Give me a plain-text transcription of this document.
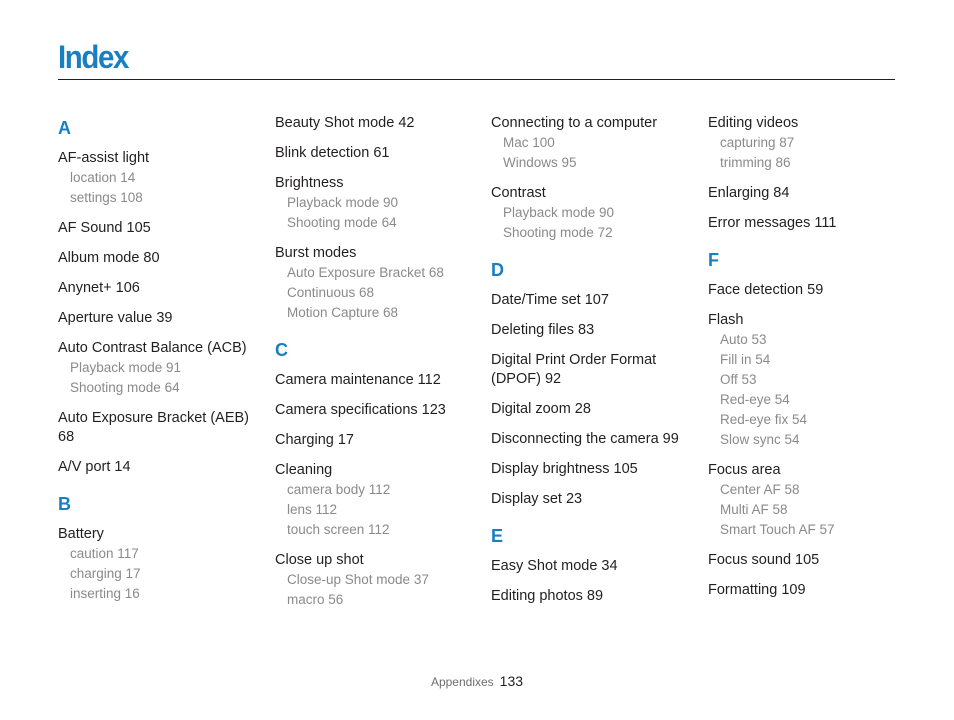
Index
A
AF-assist light
location 14
settings 108
AF Sound 105
Album mode 80
Anynet+ 106
Aperture value 39
Auto Contrast Balance (ACB)
Playback mode 91
Shooting mode 64
Auto Exposure Bracket (AEB) 68
A/V port 14
B
Battery
caution 117
charging 17
inserting 16
Beauty Shot mode 42
Blink detection 61
Brightness
Playback mode 90
Shooting mode 64
Burst modes
Auto Exposure Bracket 68
Continuous 68
Motion Capture 68
C
Camera maintenance 112
Camera specifications 123
Charging 17
Cleaning
camera body 112
lens 112
touch screen 112
Close up shot
Close-up Shot mode 37
macro 56
Connecting to a computer
Mac 100
Windows 95
Contrast
Playback mode 90
Shooting mode 72
D
Date/Time set 107
Deleting files 83
Digital Print Order Format (DPOF) 92
Digital zoom 28
Disconnecting the camera 99
Display brightness 105
Display set 23
E
Easy Shot mode 34
Editing photos 89
Editing videos
capturing 87
trimming 86
Enlarging 84
Error messages 111
F
Face detection 59
Flash
Auto 53
Fill in 54
Off 53
Red-eye 54
Red-eye fix 54
Slow sync 54
Focus area
Center AF 58
Multi AF 58
Smart Touch AF 57
Focus sound 105
Formatting 109
Appendixes 133
